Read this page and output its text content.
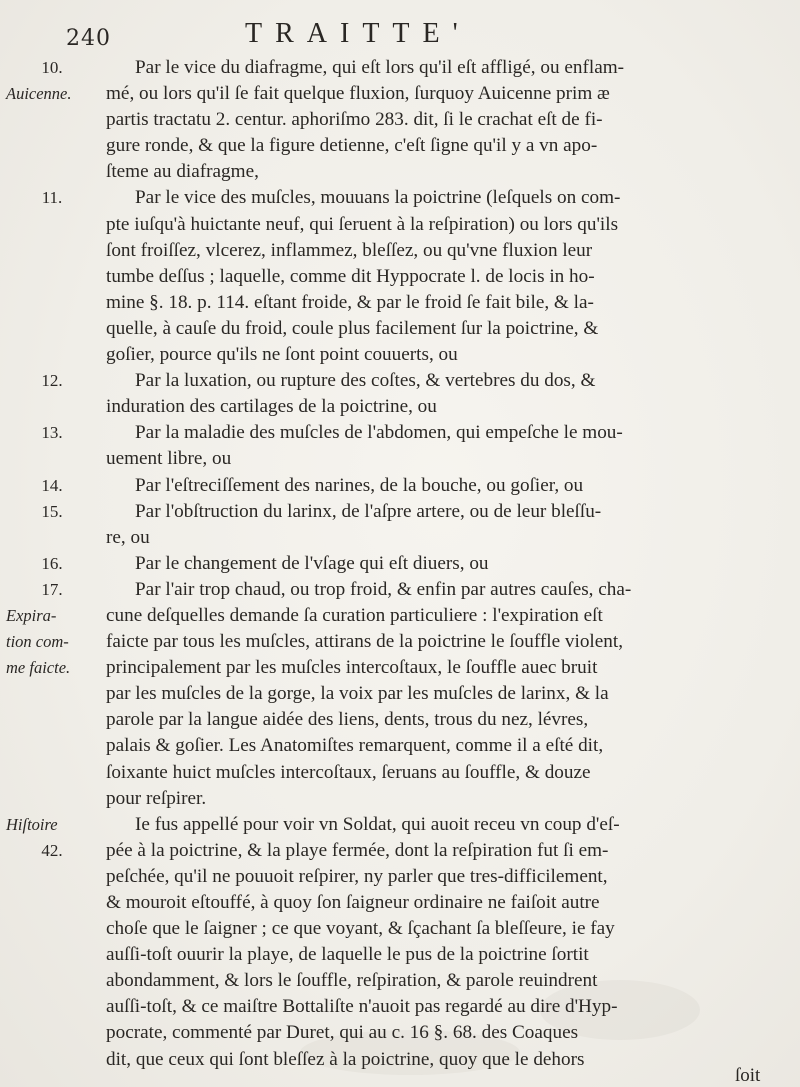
240	TRAITTE'
10.	Par le vice du diafragme, qui eſt lors qu'il eſt affligé, ou enflam-
Auicenne.	mé, ou lors qu'il ſe fait quelque fluxion, ſurquoy Auicenne prim æ
partis tractatu 2. centur. aphoriſmo 283. dit, ſi le crachat eſt de fi-
gure ronde, & que la figure detienne, c'eſt ſigne qu'il y a vn apo-
ſteme au diafragme,
11.	Par le vice des muſcles, mouuans la poictrine (leſquels on com-
pte iuſqu'à huictante neuf, qui ſeruent à la reſpiration) ou lors qu'ils
ſont froiſſez, vlcerez, inflammez, bleſſez, ou qu'vne fluxion leur
tumbe deſſus ; laquelle, comme dit Hyppocrate l. de locis in ho-
mine §. 18. p. 114. eſtant froide, & par le froid ſe fait bile, & la-
quelle, à cauſe du froid, coule plus facilement ſur la poictrine, &
goſier, pource qu'ils ne ſont point couuerts, ou
12.	Par la luxation, ou rupture des coſtes, & vertebres du dos, &
induration des cartilages de la poictrine, ou
13.	Par la maladie des muſcles de l'abdomen, qui empeſche le mou-
uement libre, ou
14.	Par l'eſtreciſſement des narines, de la bouche, ou goſier, ou
15.	Par l'obſtruction du larinx, de l'aſpre artere, ou de leur bleſſu-
re, ou
16.	Par le changement de l'vſage qui eſt diuers, ou
17.	Par l'air trop chaud, ou trop froid, & enfin par autres cauſes, cha-
Expira-	cune deſquelles demande ſa curation particuliere : l'expiration eſt
tion com-	faicte par tous les muſcles, attirans de la poictrine le ſouffle violent,
me faicte.	principalement par les muſcles intercoſtaux, le ſouffle auec bruit
par les muſcles de la gorge, la voix par les muſcles de larinx, & la
parole par la langue aidée des liens, dents, trous du nez, lévres,
palais & goſier. Les Anatomiſtes remarquent, comme il a eſté dit,
ſoixante huict muſcles intercoſtaux, ſeruans au ſouffle, & douze
pour reſpirer.
Hiſtoire	Ie fus appellé pour voir vn Soldat, qui auoit receu vn coup d'eſ-
42.	pée à la poictrine, & la playe fermée, dont la reſpiration fut ſi em-
peſchée, qu'il ne pouuoit reſpirer, ny parler que tres-difficilement,
& mouroit eſtouffé, à quoy ſon ſaigneur ordinaire ne faiſoit autre
choſe que le ſaigner ; ce que voyant, & ſçachant ſa bleſſeure, ie fay
auſſi-toſt ouurir la playe, de laquelle le pus de la poictrine ſortit
abondamment, & lors le ſouffle, reſpiration, & parole reuindrent
auſſi-toſt, & ce maiſtre Bottaliſte n'auoit pas regardé au dire d'Hyp-
pocrate, commenté par Duret, qui au c. 16 §. 68. des Coaques
dit, que ceux qui ſont bleſſez à la poictrine, quoy que le dehors
ſoit
